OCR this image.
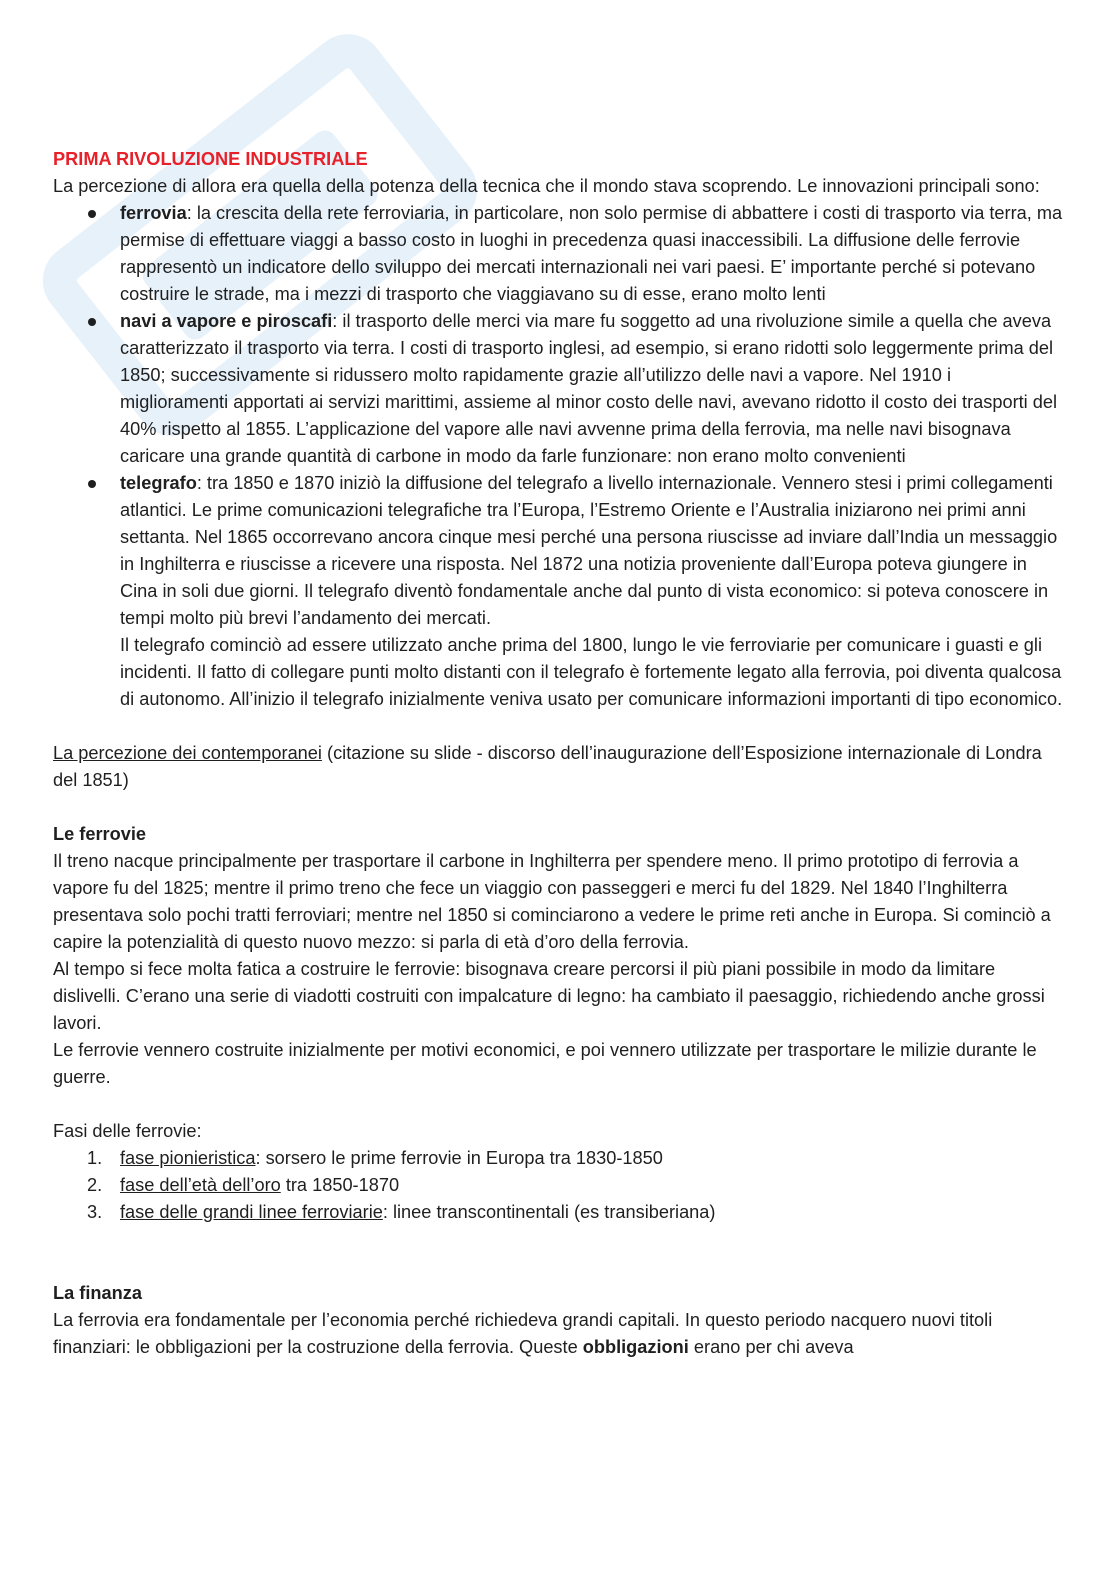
PRIMA RIVOLUZIONE INDUSTRIALE

La percezione di allora era quella della potenza della tecnica che il mondo stava scoprendo. Le innovazioni principali sono:

ferrovia: la crescita della rete ferroviaria, in particolare, non solo permise di abbattere i costi di trasporto via terra, ma permise di effettuare viaggi a basso costo in luoghi in precedenza quasi inaccessibili. La diffusione delle ferrovie rappresentò un indicatore dello sviluppo dei mercati internazionali nei vari paesi. E’ importante perché si potevano costruire le strade, ma i mezzi di trasporto che viaggiavano su di esse, erano molto lenti
navi a vapore e piroscafi: il trasporto delle merci via mare fu soggetto ad una rivoluzione simile a quella che aveva caratterizzato il trasporto via terra. I costi di trasporto inglesi, ad esempio, si erano ridotti solo leggermente prima del 1850; successivamente si ridussero molto rapidamente grazie all’utilizzo delle navi a vapore. Nel 1910 i miglioramenti apportati ai servizi marittimi, assieme al minor costo delle navi, avevano ridotto il costo dei trasporti del 40% rispetto al 1855. L’applicazione del vapore alle navi avvenne prima della ferrovia, ma nelle navi bisognava caricare una grande quantità di carbone in modo da farle funzionare: non erano molto convenienti
telegrafo: tra 1850 e 1870 iniziò la diffusione del telegrafo a livello internazionale. Vennero stesi i primi collegamenti atlantici. Le prime comunicazioni telegrafiche tra l’Europa, l’Estremo Oriente e l’Australia iniziarono nei primi anni settanta. Nel 1865 occorrevano ancora cinque mesi perché una persona riuscisse ad inviare dall’India un messaggio in Inghilterra e riuscisse a ricevere una risposta. Nel 1872 una notizia proveniente dall’Europa poteva giungere in Cina in soli due giorni. Il telegrafo diventò fondamentale anche dal punto di vista economico: si poteva conoscere in tempi molto più brevi l’andamento dei mercati.

Il telegrafo cominciò ad essere utilizzato anche prima del 1800, lungo le vie ferroviarie per comunicare i guasti e gli incidenti. Il fatto di collegare punti molto distanti con il telegrafo è fortemente legato alla ferrovia, poi diventa qualcosa di autonomo. All’inizio il telegrafo inizialmente veniva usato per comunicare informazioni importanti di tipo economico.

La percezione dei contemporanei (citazione su slide - discorso dell’inaugurazione dell’Esposizione internazionale di Londra del 1851)

Le ferrovie

Il treno nacque principalmente per trasportare il carbone in Inghilterra per spendere meno. Il primo prototipo di ferrovia a vapore fu del 1825; mentre il primo treno che fece un viaggio con passeggeri e merci fu del 1829. Nel 1840 l’Inghilterra presentava solo pochi tratti ferroviari; mentre nel 1850 si cominciarono a vedere le prime reti anche in Europa. Si cominciò a capire la potenzialità di questo nuovo mezzo: si parla di età d’oro della ferrovia.

Al tempo si fece molta fatica a costruire le ferrovie: bisognava creare percorsi il più piani possibile in modo da limitare dislivelli. C’erano una serie di viadotti costruiti con impalcature di legno: ha cambiato il paesaggio, richiedendo anche grossi lavori.

Le ferrovie vennero costruite inizialmente per motivi economici, e poi vennero utilizzate per trasportare le milizie durante le guerre.

Fasi delle ferrovie:

1. fase pionieristica: sorsero le prime ferrovie in Europa tra 1830-1850
2. fase dell’età dell’oro tra 1850-1870
3. fase delle grandi linee ferroviarie: linee transcontinentali (es transiberiana)

La finanza

La ferrovia era fondamentale per l’economia perché richiedeva grandi capitali. In questo periodo nacquero nuovi titoli finanziari: le obbligazioni per la costruzione della ferrovia. Queste obbligazioni erano per chi aveva
